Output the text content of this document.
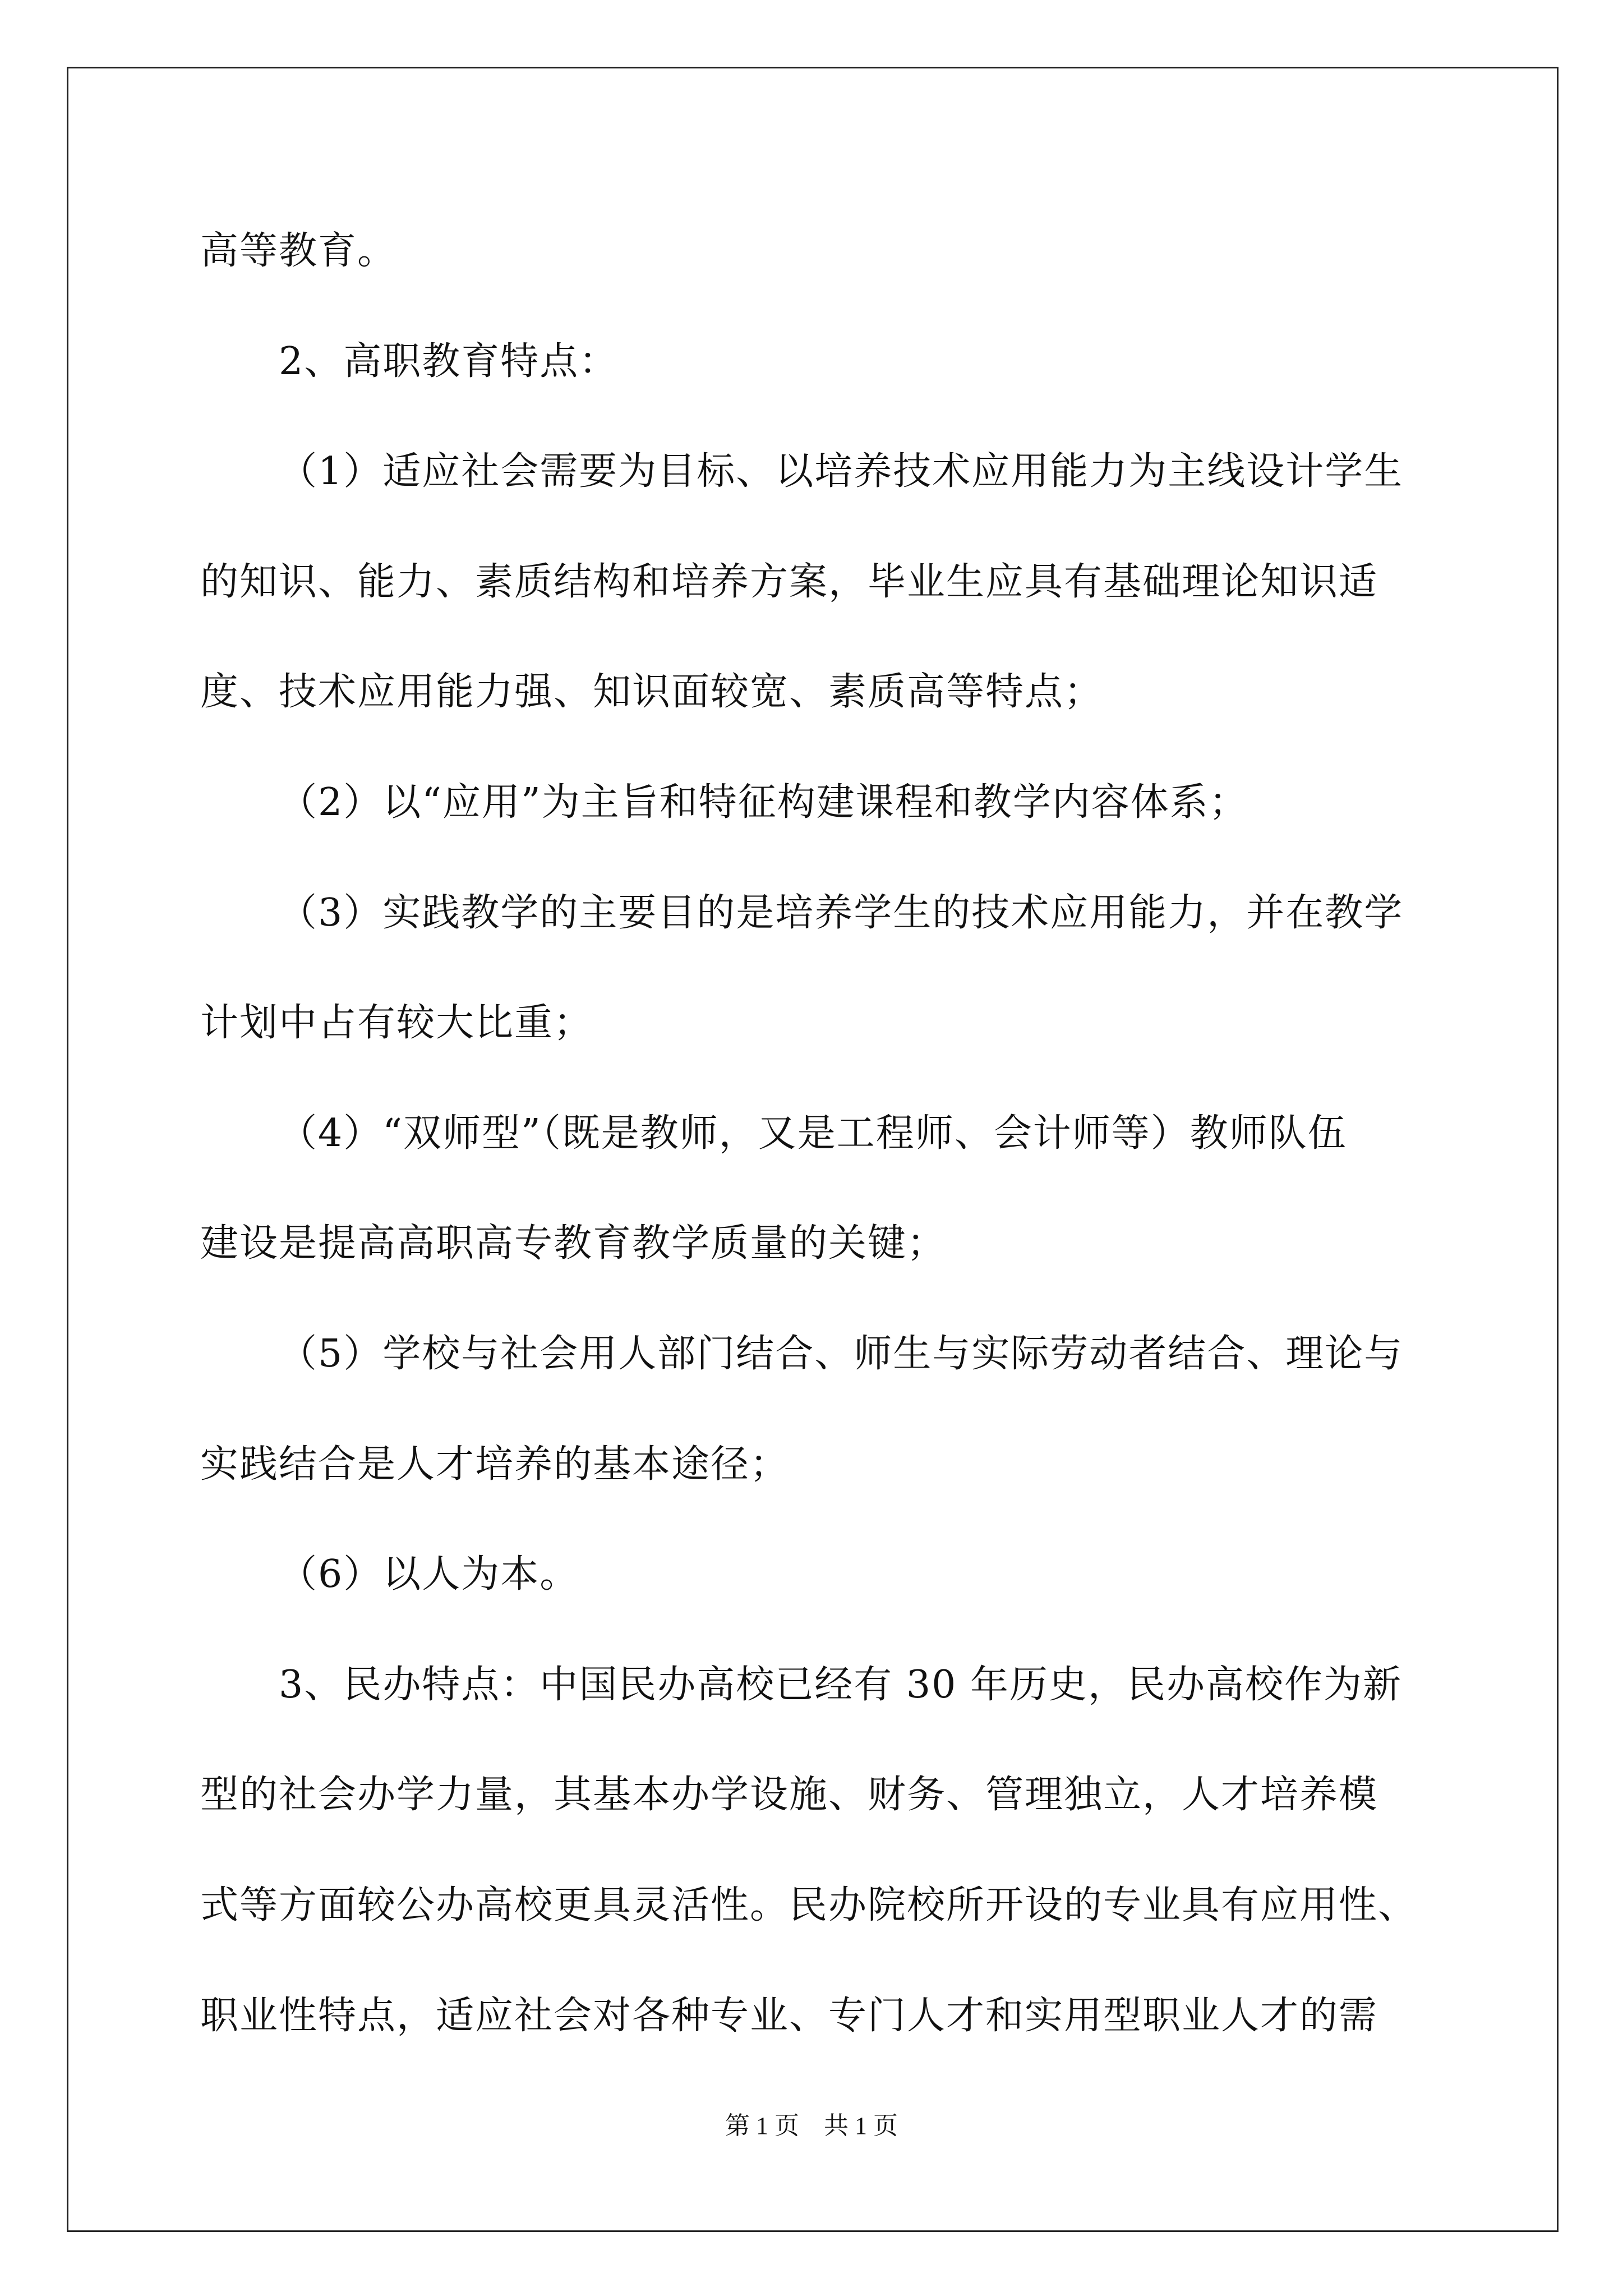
高等教育。
2、高职教育特点：
（1）适应社会需要为目标、以培养技术应用能力为主线设计学生
的知识、能力、素质结构和培养方案，毕业生应具有基础理论知识适
度、技术应用能力强、知识面较宽、素质高等特点；
（2）以“应用”为主旨和特征构建课程和教学内容体系；
（3）实践教学的主要目的是培养学生的技术应用能力，并在教学
计划中占有较大比重；
（4）“双师型”（既是教师，又是工程师、会计师等）教师队伍
建设是提高高职高专教育教学质量的关键；
（5）学校与社会用人部门结合、师生与实际劳动者结合、理论与
实践结合是人才培养的基本途径；
（6）以人为本。
3、民办特点：中国民办高校已经有 30 年历史，民办高校作为新
型的社会办学力量，其基本办学设施、财务、管理独立，人才培养模
式等方面较公办高校更具灵活性。民办院校所开设的专业具有应用性、
职业性特点，适应社会对各种专业、专门人才和实用型职业人才的需
第 1 页　共 1 页
